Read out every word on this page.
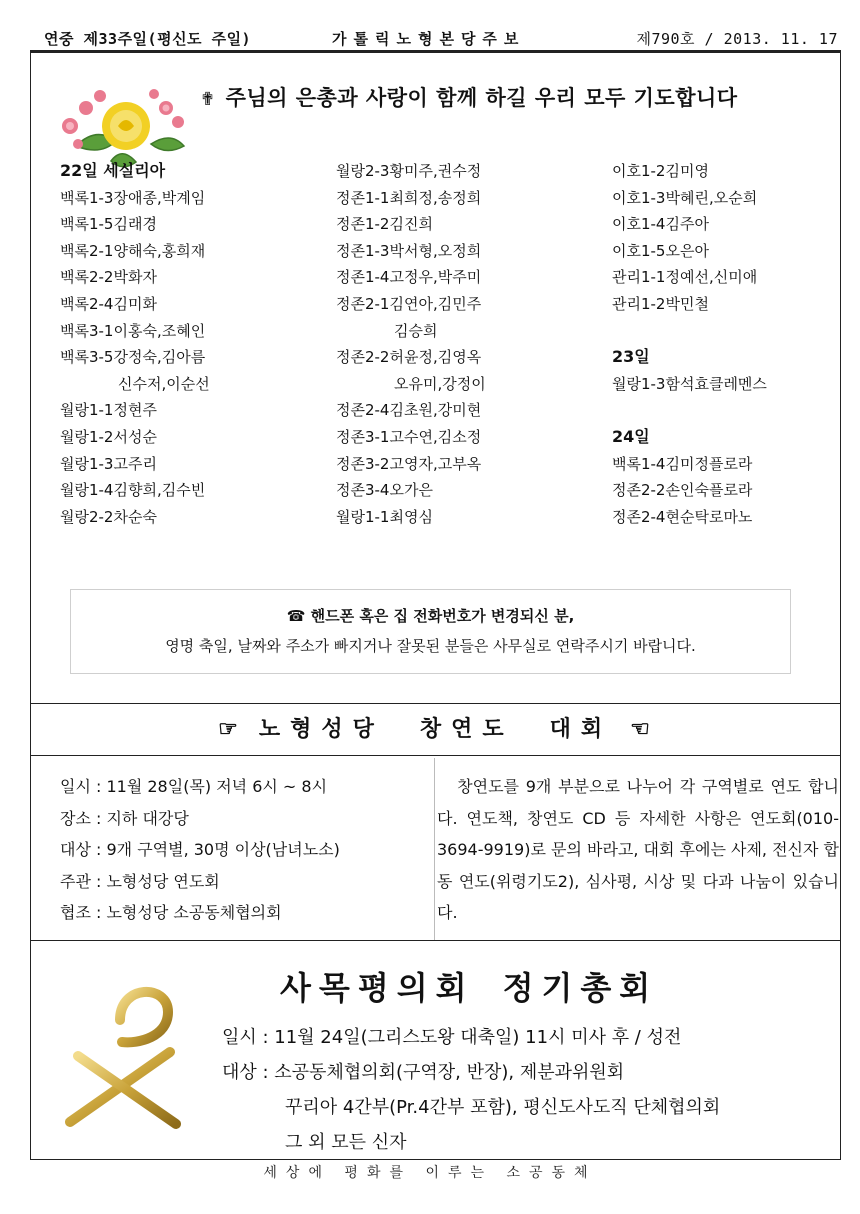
연중 제33주일(평신도 주일)	가톨릭노형본당주보	제790호 / 2013. 11. 17
✟ 주님의 은총과 사랑이 함께 하길 우리 모두 기도합니다
22일 세실리아
백록1-3장애종,박계임
백록1-5김래경
백록2-1양해숙,홍희재
백록2-2박화자
백록2-4김미화
백록3-1이홍숙,조혜인
백록3-5강정숙,김아름
신수저,이순선
월랑1-1정현주
월랑1-2서성순
월랑1-3고주리
월랑1-4김향희,김수빈
월랑2-2차순숙
월랑2-3황미주,권수정
정존1-1최희정,송정희
정존1-2김진희
정존1-3박서형,오정희
정존1-4고정우,박주미
정존2-1김연아,김민주
김승희
정존2-2허윤정,김영옥
오유미,강정이
정존2-4김초원,강미현
정존3-1고수연,김소정
정존3-2고영자,고부옥
정존3-4오가은
월랑1-1최영심
이호1-2김미영
이호1-3박혜린,오순희
이호1-4김주아
이호1-5오은아
관리1-1정예선,신미애
관리1-2박민철
23일
월랑1-3함석효클레멘스
24일
백록1-4김미정플로라
정존2-2손인숙플로라
정존2-4현순탁로마노
☎ 핸드폰 혹은 집 전화번호가 변경되신 분,
영명 축일, 날짜와 주소가 빠지거나 잘못된 분들은 사무실로 연락주시기 바랍니다.
☞ 노형성당 창연도 대회 ☜
일시 : 11월 28일(목) 저녁 6시 ~ 8시
장소 : 지하 대강당
대상 : 9개 구역별, 30명 이상(남녀노소)
주관 : 노형성당 연도회
협조 : 노형성당 소공동체협의회
창연도를 9개 부분으로 나누어 각 구역별로 연도 합니다. 연도책, 창연도 CD 등 자세한 사항은 연도회(010-3694-9919)로 문의 바라고, 대회 후에는 사제, 전신자 합동 연도(위령기도2), 심사평, 시상 및 다과 나눔이 있습니다.
사목평의회 정기총회
일시 : 11월 24일(그리스도왕 대축일) 11시 미사 후 / 성전
대상 : 소공동체협의회(구역장, 반장), 제분과위원회
꾸리아 4간부(Pr.4간부 포함), 평신도사도직 단체협의회
그 외 모든 신자
세상에 평화를 이루는 소공동체
